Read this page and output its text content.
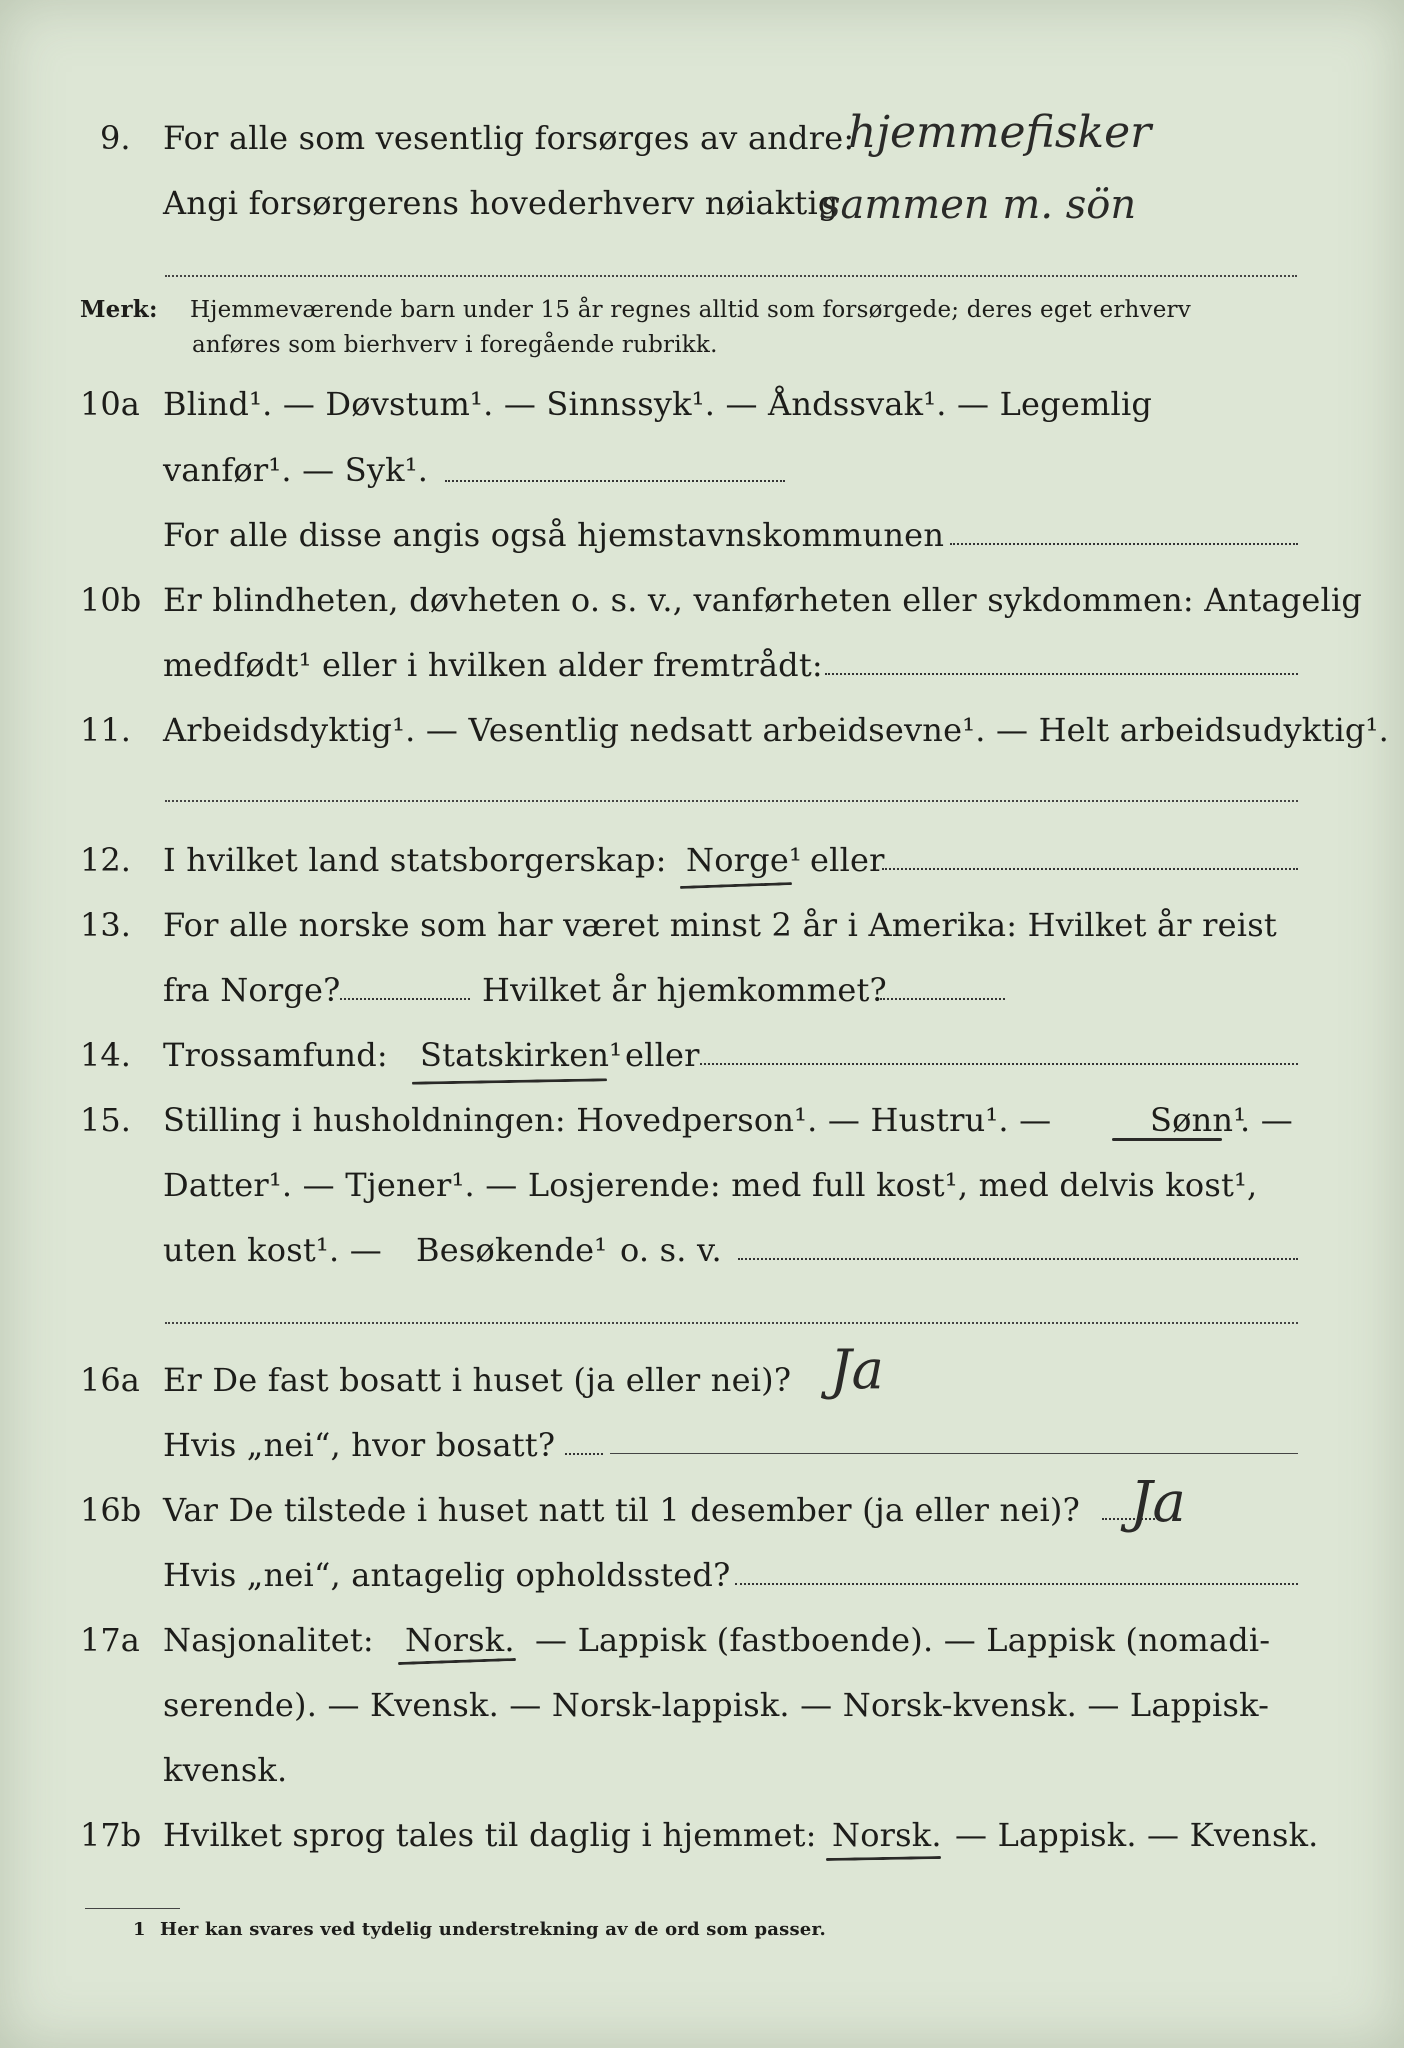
9. For alle som vesentlig forsørges av andre:
hjemmefisker
Angi forsørgerens hovederhverv nøiaktig
sammen m. sön
Merk: Hjemmeværende barn under 15 år regnes alltid som forsørgede; deres eget erhverv
anføres som bierhverv i foregående rubrikk.
10a Blind¹. — Døvstum¹. — Sinnssyk¹. — Åndssvak¹. — Legemlig
vanfør¹. — Syk¹.
For alle disse angis også hjemstavnskommunen
10b Er blindheten, døvheten o. s. v., vanførheten eller sykdommen: Antagelig
medfødt¹ eller i hvilken alder fremtrådt:
11. Arbeidsdyktig¹. — Vesentlig nedsatt arbeidsevne¹. — Helt arbeidsudyktig¹.
12. I hvilket land statsborgerskap: Norge¹ eller
13. For alle norske som har været minst 2 år i Amerika: Hvilket år reist
fra Norge?	Hvilket år hjemkommet?
14. Trossamfund: Statskirken¹ eller
15. Stilling i husholdningen: Hovedperson¹. — Hustru¹. —	Sønn¹
. —
Datter¹. — Tjener¹. — Losjerende: med full kost¹, med delvis kost¹,
uten kost¹. — Besøkende¹ o. s. v.
16a Er De fast bosatt i huset (ja eller nei)? Ja
Hvis „nei“, hvor bosatt?
16b Var De tilstede i huset natt til 1 desember (ja eller nei)? Ja
Hvis „nei“, antagelig opholdssted?
17a Nasjonalitet: Norsk. — Lappisk (fastboende). — Lappisk (nomadi-
serende). — Kvensk. — Norsk-lappisk. — Norsk-kvensk. — Lappisk-
kvensk.
17b Hvilket sprog tales til daglig i hjemmet: Norsk. — Lappisk. — Kvensk.
1 Her kan svares ved tydelig understrekning av de ord som passer.
